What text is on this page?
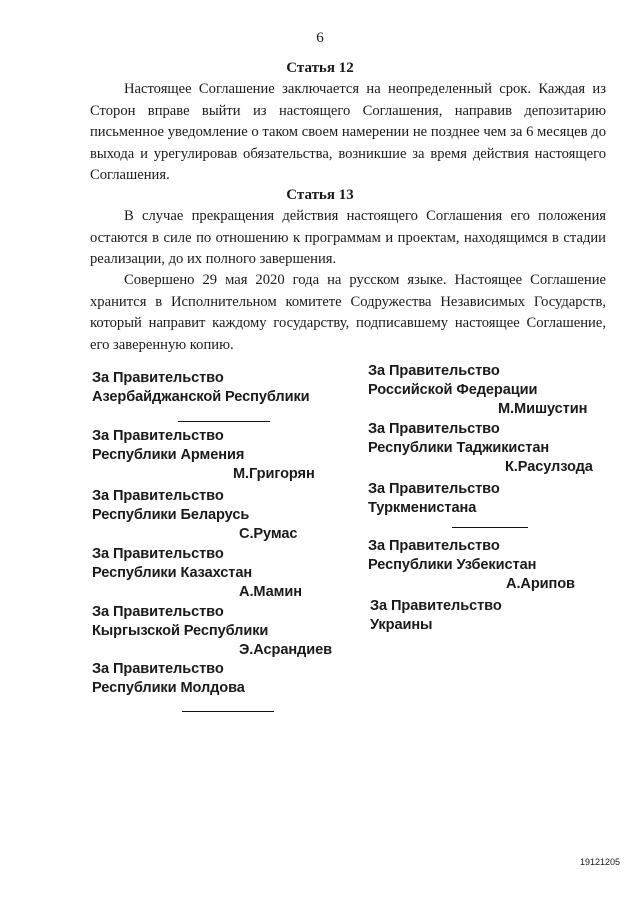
6
Статья 12

Настоящее Соглашение заключается на неопределенный срок. Каждая из Сторон вправе выйти из настоящего Соглашения, направив депозитарию письменное уведомление о таком своем намерении не позднее чем за 6 месяцев до выхода и урегулировав обязательства, возникшие за время действия настоящего Соглашения.

Статья 13

В случае прекращения действия настоящего Соглашения его положения остаются в силе по отношению к программам и проектам, находящимся в стадии реализации, до их полного завершения.

Совершено 29 мая 2020 года на русском языке. Настоящее Соглашение хранится в Исполнительном комитете Содружества Независимых Государств, который направит каждому государству, подписавшему настоящее Соглашение, его заверенную копию.

За Правительство
Азербайджанской Республики
За Правительство
Республики Армения
М.Григорян
За Правительство
Республики Беларусь
С.Румас
За Правительство
Республики Казахстан
А.Мамин
За Правительство
Кыргызской Республики
Э.Асрандиев
За Правительство
Республики Молдова
За Правительство
Российской Федерации
М.Мишустин
За Правительство
Республики Таджикистан
К.Расулзода
За Правительство
Туркменистана
За Правительство
Республики Узбекистан
А.Арипов
За Правительство
Украины
19121205
